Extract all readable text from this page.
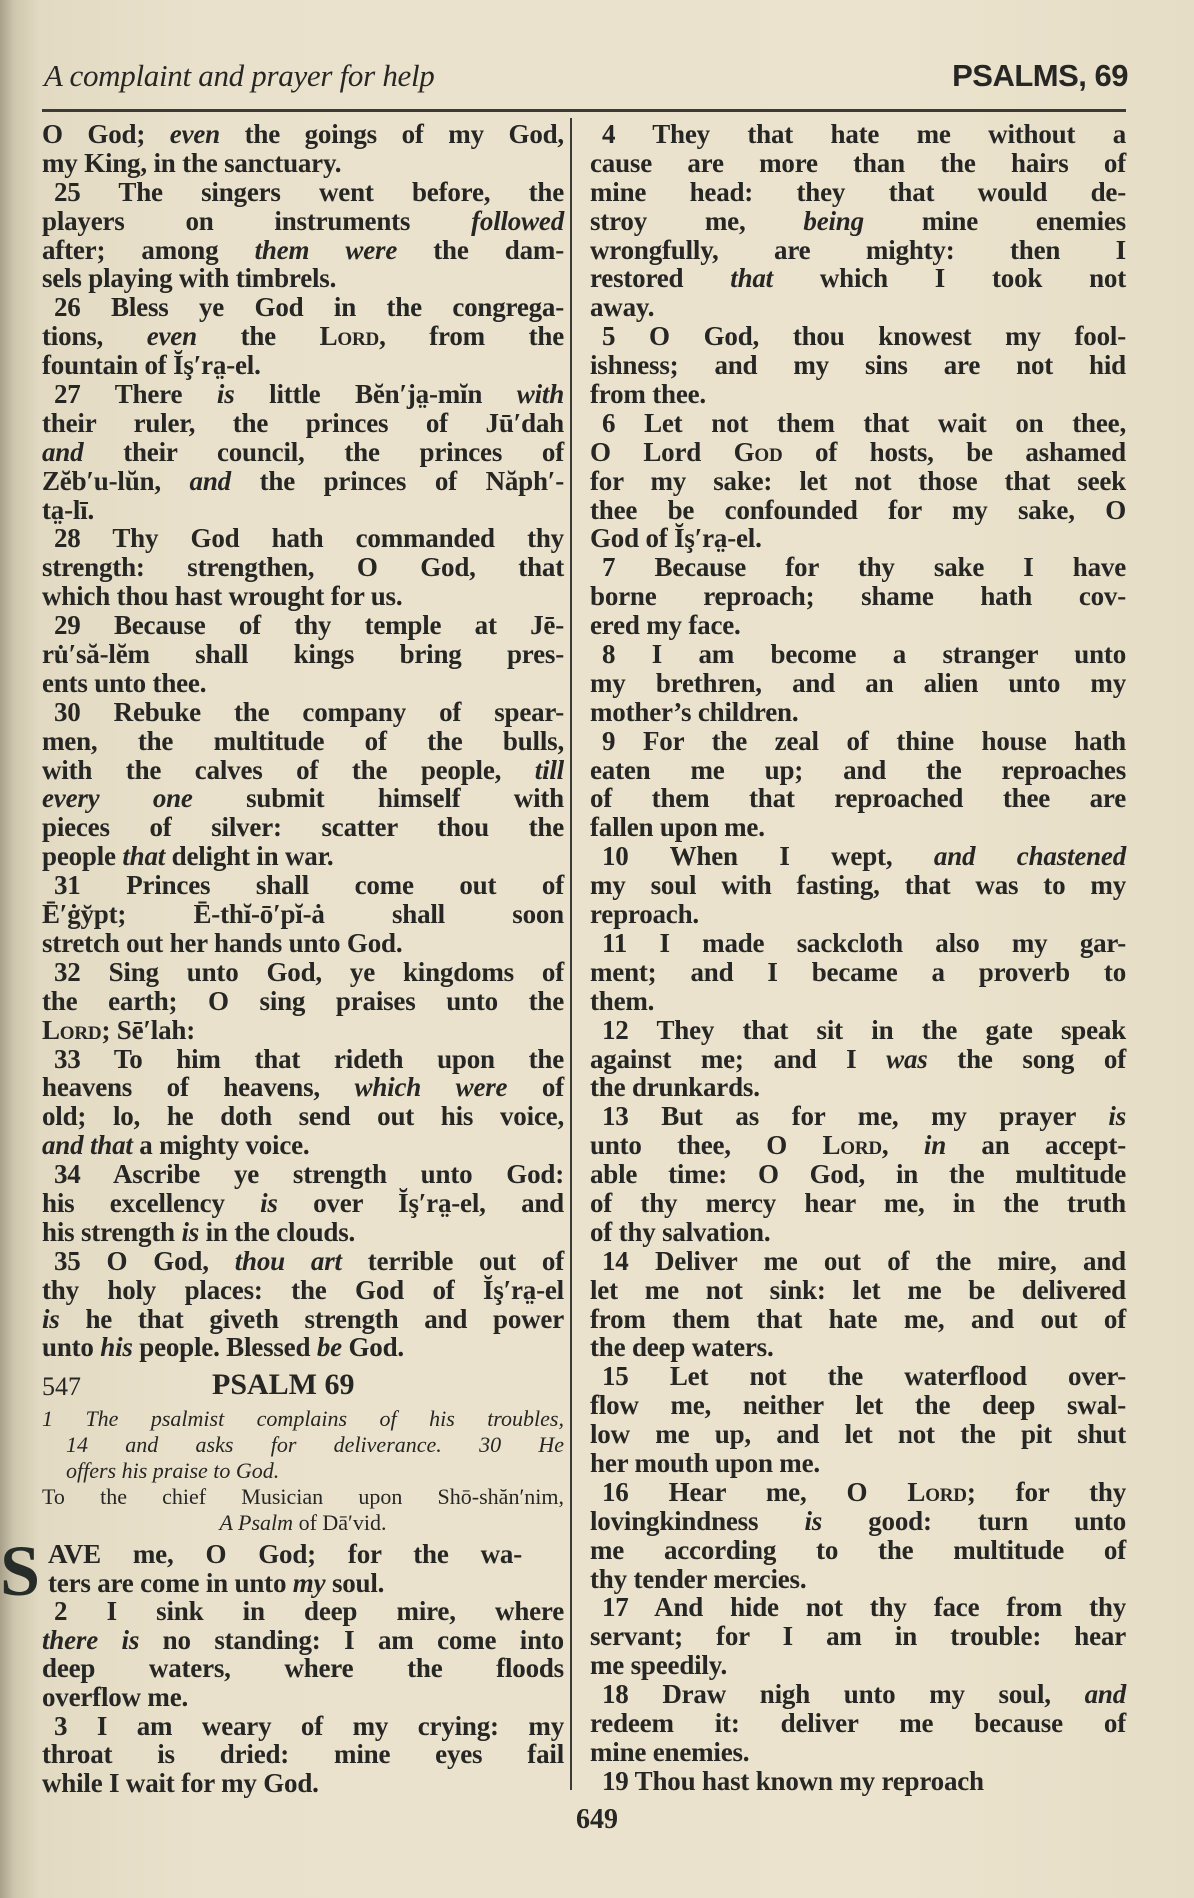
A complaint and prayer for help	PSALMS, 69
O God; even the goings of my God,
my King, in the sanctuary.
25 The singers went before, the
players on instruments followed
after; among them were the dam-
sels playing with timbrels.
26 Bless ye God in the congrega-
tions, even the Lord, from the
fountain of Ĭş′ra̤-el.
27 There is little Bĕn′ja̤-mĭn with
their ruler, the princes of Jū′dah
and their council, the princes of
Zĕb′u-lŭn, and the princes of Năph′-
ta̤-lī.
28 Thy God hath commanded thy
strength: strengthen, O God, that
which thou hast wrought for us.
29 Because of thy temple at Jē-
ru̇′să-lĕm shall kings bring pres-
ents unto thee.
30 Rebuke the company of spear-
men, the multitude of the bulls,
with the calves of the people, till
every one submit himself with
pieces of silver: scatter thou the
people that delight in war.
31 Princes shall come out of
Ē′ġy̆pt; Ē-thĭ-ō′pĭ-ȧ shall soon
stretch out her hands unto God.
32 Sing unto God, ye kingdoms of
the earth; O sing praises unto the
Lord; Sē′lah:
33 To him that rideth upon the
heavens of heavens, which were of
old; lo, he doth send out his voice,
and that a mighty voice.
34 Ascribe ye strength unto God:
his excellency is over Ĭş′ra̤-el, and
his strength is in the clouds.
35 O God, thou art terrible out of
thy holy places: the God of Ĭş′ra̤-el
is he that giveth strength and power
unto his people. Blessed be God.
4 They that hate me without a
cause are more than the hairs of
mine head: they that would de-
stroy me, being mine enemies
wrongfully, are mighty: then I
restored that which I took not
away.
5 O God, thou knowest my fool-
ishness; and my sins are not hid
from thee.
6 Let not them that wait on thee,
O Lord God of hosts, be ashamed
for my sake: let not those that seek
thee be confounded for my sake, O
God of Ĭş′ra̤-el.
7 Because for thy sake I have
borne reproach; shame hath cov-
ered my face.
8 I am become a stranger unto
my brethren, and an alien unto my
mother’s children.
9 For the zeal of thine house hath
eaten me up; and the reproaches
of them that reproached thee are
fallen upon me.
10 When I wept, and chastened
my soul with fasting, that was to my
reproach.
11 I made sackcloth also my gar-
ment; and I became a proverb to
them.
12 They that sit in the gate speak
against me; and I was the song of
the drunkards.
13 But as for me, my prayer is
unto thee, O Lord, in an accept-
able time: O God, in the multitude
of thy mercy hear me, in the truth
of thy salvation.
14 Deliver me out of the mire, and
let me not sink: let me be delivered
from them that hate me, and out of
the deep waters.
15 Let not the waterflood over-
flow me, neither let the deep swal-
low me up, and let not the pit shut
her mouth upon me.
16 Hear me, O Lord; for thy
lovingkindness is good: turn unto
me according to the multitude of
thy tender mercies.
17 And hide not thy face from thy
servant; for I am in trouble: hear
me speedily.
18 Draw nigh unto my soul, and
redeem it: deliver me because of
mine enemies.
19 Thou hast known my reproach
547	PSALM 69
1 The psalmist complains of his troubles,
14 and asks for deliverance. 30 He
offers his praise to God.
To the chief Musician upon Shō-shăn′nim,
A Psalm of Dā′vid.
S AVE me, O God; for the wa-
ters are come in unto my soul.
2 I sink in deep mire, where
there is no standing: I am come into
deep waters, where the floods
overflow me.
3 I am weary of my crying: my
throat is dried: mine eyes fail
while I wait for my God.
649
